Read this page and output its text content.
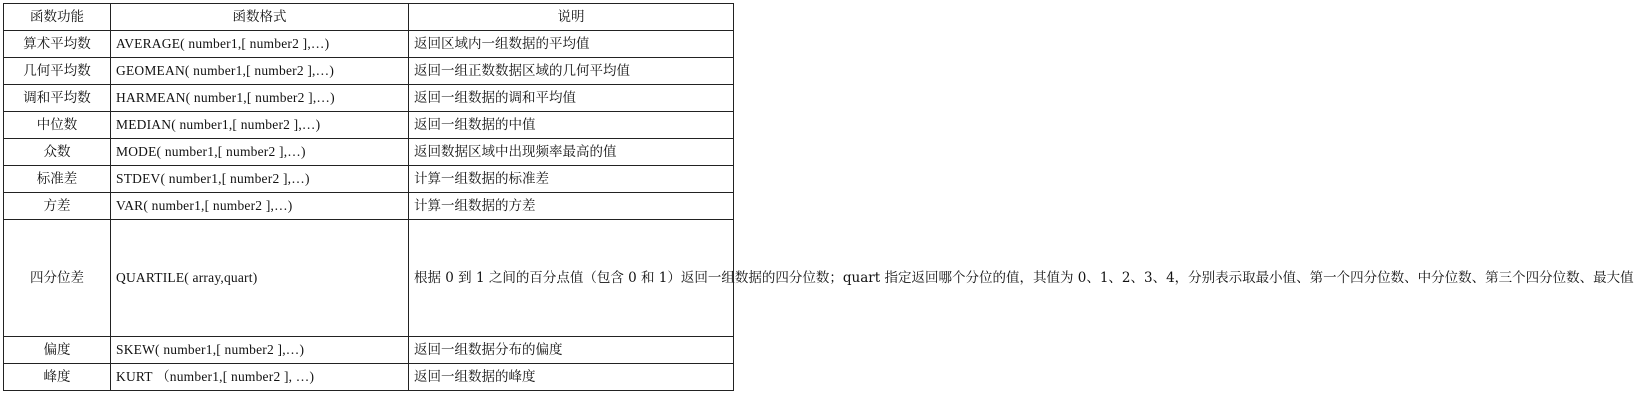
函数功能	函数格式	说明
算术平均数	AVERAGE( number1,[ number2 ],…)	返回区域内一组数据的平均值
几何平均数	GEOMEAN( number1,[ number2 ],…)	返回一组正数数据区域的几何平均值
调和平均数	HARMEAN( number1,[ number2 ],…)	返回一组数据的调和平均值
中位数	MEDIAN( number1,[ number2 ],…)	返回一组数据的中值
众数	MODE( number1,[ number2 ],…)	返回数据区域中出现频率最高的值
标准差	STDEV( number1,[ number2 ],…)	计算一组数据的标准差
方差	VAR( number1,[ number2 ],…)	计算一组数据的方差
四分位差	QUARTILE( array,quart)	根据 0 到 1 之间的百分点值（包含 0 和 1）返回一组数据的四分位数；quart 指定返回哪个分位的值，其值为 0、1、2、3、4，分别表示取最小值、第一个四分位数、中分位数、第三个四分位数、最大值
偏度	SKEW( number1,[ number2 ],…)	返回一组数据分布的偏度
峰度	KURT （number1,[ number2 ], …)	返回一组数据的峰度
